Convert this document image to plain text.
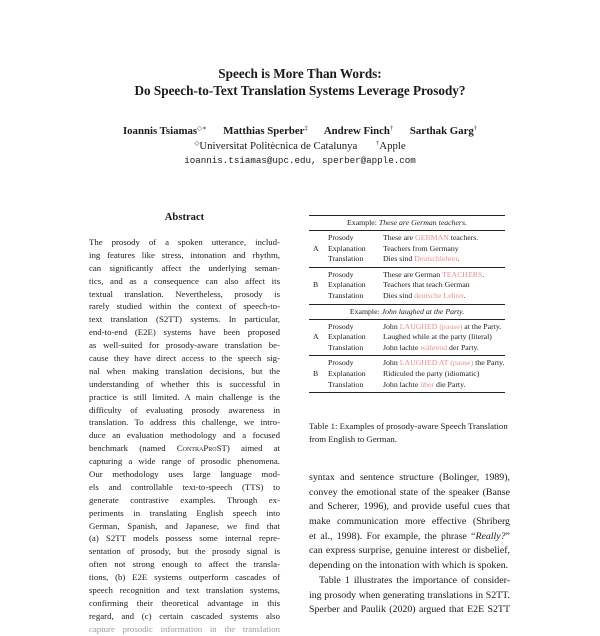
Speech is More Than Words:
Do Speech-to-Text Translation Systems Leverage Prosody?
Ioannis Tsiamas◇∗ Matthias Sperber‡ Andrew Finch† Sarthak Garg†
◇Universitat Politècnica de Catalunya	†Apple
ioannis.tsiamas@upc.edu, sperber@apple.com
Abstract
The prosody of a spoken utterance, includ-
ing features like stress, intonation and rhythm,
can significantly affect the underlying seman-
tics, and as a consequence can also affect its
textual translation. Nevertheless, prosody is
rarely studied within the context of speech-to-
text translation (S2TT) systems. In particular,
end-to-end (E2E) systems have been proposed
as well-suited for prosody-aware translation be-
cause they have direct access to the speech sig-
nal when making translation decisions, but the
understanding of whether this is successful in
practice is still limited. A main challenge is the
difficulty of evaluating prosody awareness in
translation. To address this challenge, we intro-
duce an evaluation methodology and a focused
benchmark (named ContraProST) aimed at
capturing a wide range of prosodic phenomena.
Our methodology uses large language mod-
els and controllable text-to-speech (TTS) to
generate contrastive examples. Through ex-
periments in translating English speech into
German, Spanish, and Japanese, we find that
(a) S2TT models possess some internal repre-
sentation of prosody, but the prosody signal is
often not strong enough to affect the transla-
tions, (b) E2E systems outperform cascades of
speech recognition and text translation systems,
confirming their theoretical advantage in this
regard, and (c) certain cascaded systems also
capture prosodic information in the translation
Example: These are German teachers.
Prosody	These are GERMAN teachers.
Explanation Teachers from Germany
Translation	Dies sind Deutschlehrer.
A
Prosody	These are German TEACHERS.
Explanation Teachers that teach German
Translation	Dies sind deutsche Lehrer.
B
Example: John laughed at the Party.
Prosody	John LAUGHED (pause) at the Party.
Explanation Laughed while at the party (literal)
Translation	John lachte während der Party.
A
Prosody	John LAUGHED AT (pause) the Party.
Explanation Ridiculed the party (idiomatic)
Translation	John lachte über die Party.
B
Table 1: Examples of prosody-aware Speech Translation from English to German.
syntax and sentence structure (Bolinger, 1989),
convey the emotional state of the speaker (Banse
and Scherer, 1996), and provide useful cues that
make communication more effective (Shriberg
et al., 1998). For example, the phrase “Really?”
can express surprise, genuine interest or disbelief,
depending on the intonation with which is spoken.
Table 1 illustrates the importance of consider-
ing prosody when generating translations in S2TT.
Sperber and Paulik (2020) argued that E2E S2TT
